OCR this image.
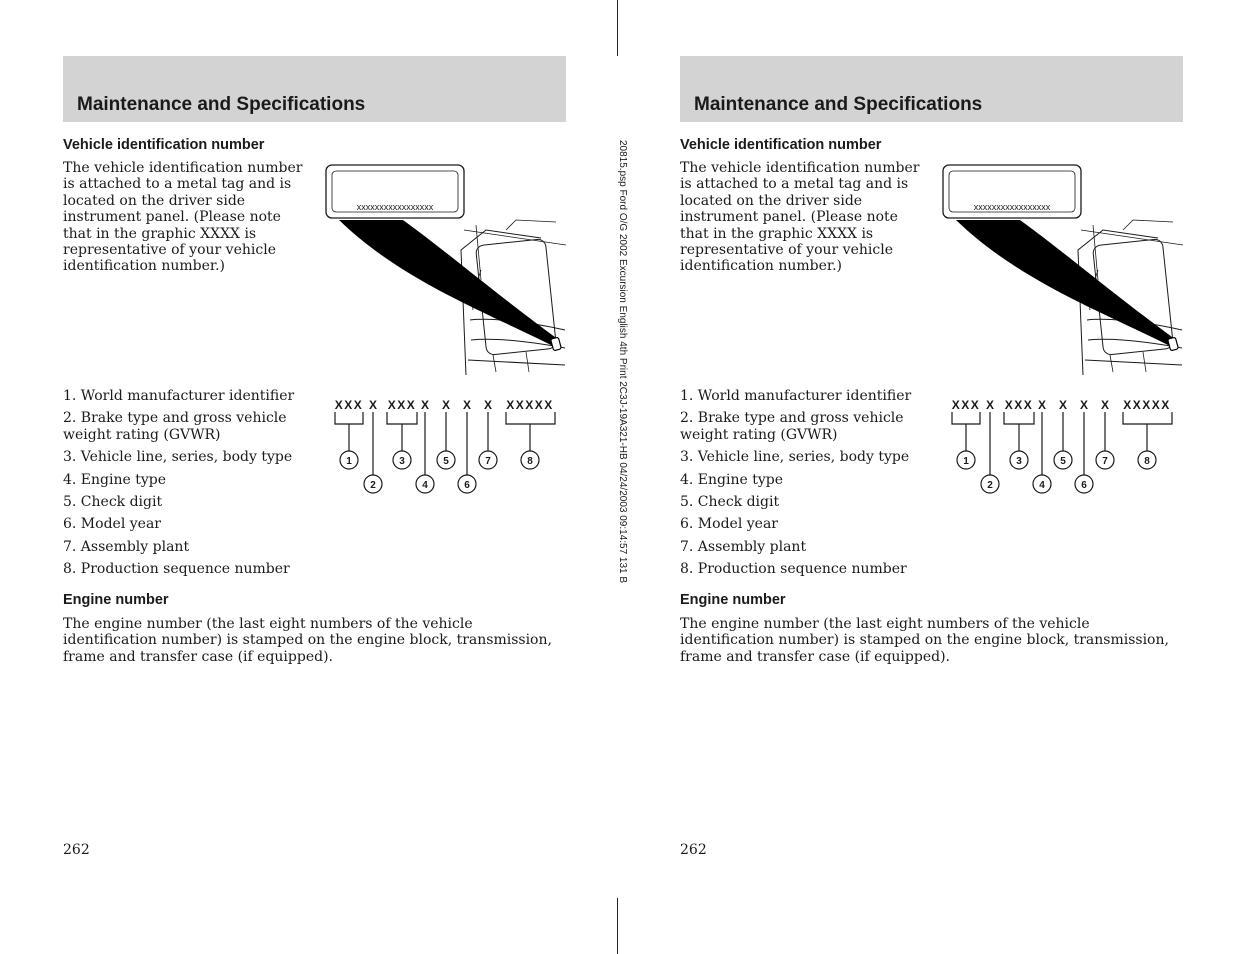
Maintenance and Specifications
Vehicle identification number

The vehicle identification number is attached to a metal tag and is located on the driver side instrument panel. (Please note that in the graphic XXXX is representative of your vehicle identification number.)

xxxxxxxxxxxxxxxxx
1. World manufacturer identifier
2. Brake type and gross vehicle weight rating (GVWR)
3. Vehicle line, series, body type
4. Engine type
5. Check digit
6. Model year
7. Assembly plant
8. Production sequence number
XXX X XXX X X X X XXXXX
1
2
3
4
5
6
7	8
Engine number

The engine number (the last eight numbers of the vehicle identification number) is stamped on the engine block, transmission, frame and transfer case (if equipped).

262

20815.psp Ford O/G 2002 Excursion English 4th Print 2C3J-19A321-HB 04/24/2003 09:14:57 131 B
Maintenance and Specifications
Vehicle identification number

The vehicle identification number is attached to a metal tag and is located on the driver side instrument panel. (Please note that in the graphic XXXX is representative of your vehicle identification number.)

xxxxxxxxxxxxxxxxx
1. World manufacturer identifier
2. Brake type and gross vehicle weight rating (GVWR)
3. Vehicle line, series, body type
4. Engine type
5. Check digit
6. Model year
7. Assembly plant
8. Production sequence number
XXX X XXX X X X X XXXXX
1
2
3
4
5
6
7	8
Engine number

The engine number (the last eight numbers of the vehicle identification number) is stamped on the engine block, transmission, frame and transfer case (if equipped).

262
